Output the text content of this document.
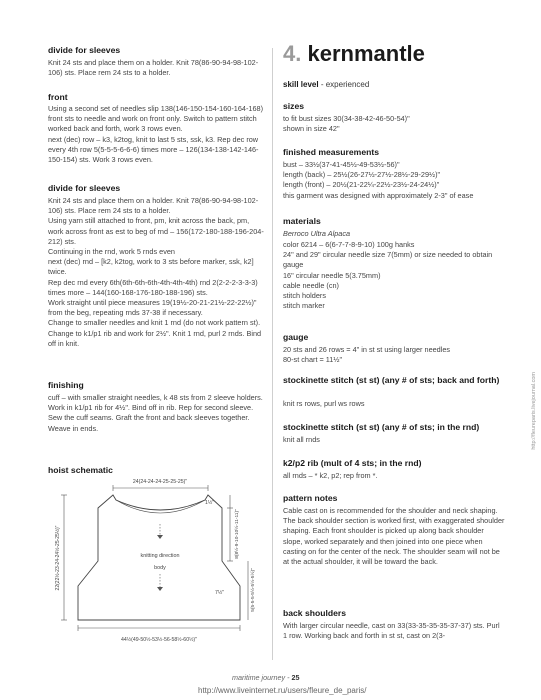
divide for sleeves

Knit 24 sts and place them on a holder. Knit 78(86-90-94-98-102-106) sts. Place rem 24 sts to a holder.

front

Using a second set of needles slip 138(146-150-154-160-164-168) front sts to needle and work on front only. Switch to pattern stitch worked back and forth, work 3 rows even.
next (dec) row – k3, k2tog, knit to last 5 sts, ssk, k3. Rep dec row every 4th row 5(5-5-5-6-6-6) times more – 126(134-138-142-146-150-154) sts. Work 3 rows even.

divide for sleeves

Knit 24 sts and place them on a holder. Knit 78(86-90-94-98-102-106) sts. Place rem 24 sts to a holder.
Using yarn still attached to front, pm, knit across the back, pm, work across front as est to beg of rnd – 156(172-180-188-196-204-212) sts.
Continuing in the rnd, work 5 rnds even
next (dec) rnd – [k2, k2tog, work to 3 sts before marker, ssk, k2] twice.
Rep dec rnd every 6th(6th-6th-6th-4th-4th-4th) rnd 2(2-2-2-3-3-3) times more – 144(160-168-176-180-188-196) sts.
Work straight until piece measures 19(19½-20-21-21½-22-22½)" from the beg, repeating rnds 37-38 if necessary.
Change to smaller needles and knit 1 rnd (do not work pattern st). Change to k1/p1 rib and work for 2½". Knit 1 rnd, purl 2 rnds. Bind off in knit.

finishing

cuff – with smaller straight needles, k 48 sts from 2 sleeve holders. Work in k1/p1 rib for 4½". Bind off in rib. Rep for second sleeve. Sew the cuff seams. Graft the front and back sleeves together. Weave in ends.

hoist schematic
24(24-24-24-25-25-25)"
knitting direction
body
22(22½-23-24-24½-25-25½)"
1½"
8(8½-9-10-10½-11-11)"
5(5-5-5-5½-5½-5½)"
7½"
44½(49-50½-53½-56-58½-60½)"
4. kernmantle
skill level - experienced
sizes

to fit bust sizes 30(34-38-42-46-50-54)"
shown in size 42"

finished measurements

bust – 33½(37-41-45½-49-53½-56)"
length (back) – 25½(26-27½-27½-28½-29-29½)"
length (front) – 20½(21-22¼-22½-23½-24-24½)"
this garment was designed with approximately 2-3" of ease

materials

Berroco Ultra Alpaca

color 6214 – 6(6-7-7-8-9-10) 100g hanks
24" and 29" circular needle size 7(5mm) or size needed to obtain gauge
16" circular needle 5(3.75mm)
cable needle (cn)
stitch holders
stitch marker

gauge

20 sts and 26 rows = 4" in st st using larger needles
80-st chart = 11½"

stockinette stitch (st st) (any # of sts; back and forth)

knit rs rows, purl ws rows

stockinette stitch (st st) (any # of sts; in the rnd)

knit all rnds

k2/p2 rib (mult of 4 sts; in the rnd)

all rnds – * k2, p2; rep from *.

pattern notes

Cable cast on is recommended for the shoulder and neck shaping.
The back shoulder section is worked first, with exaggerated shoulder shaping. Each front shoulder is picked up along back shoulder slope, worked separately and then joined into one piece when casting on for the center of the neck. The shoulder seam will not be at the actual shoulder, it will be toward the back.

back shoulders

With larger circular needle, cast on 33(33-35-35-35-37-37) sts. Purl 1 row. Working back and forth in st st, cast on 2(3-

http://fleureparis.livejournal.com
maritime journey - 25
http://www.liveinternet.ru/users/fleure_de_paris/
